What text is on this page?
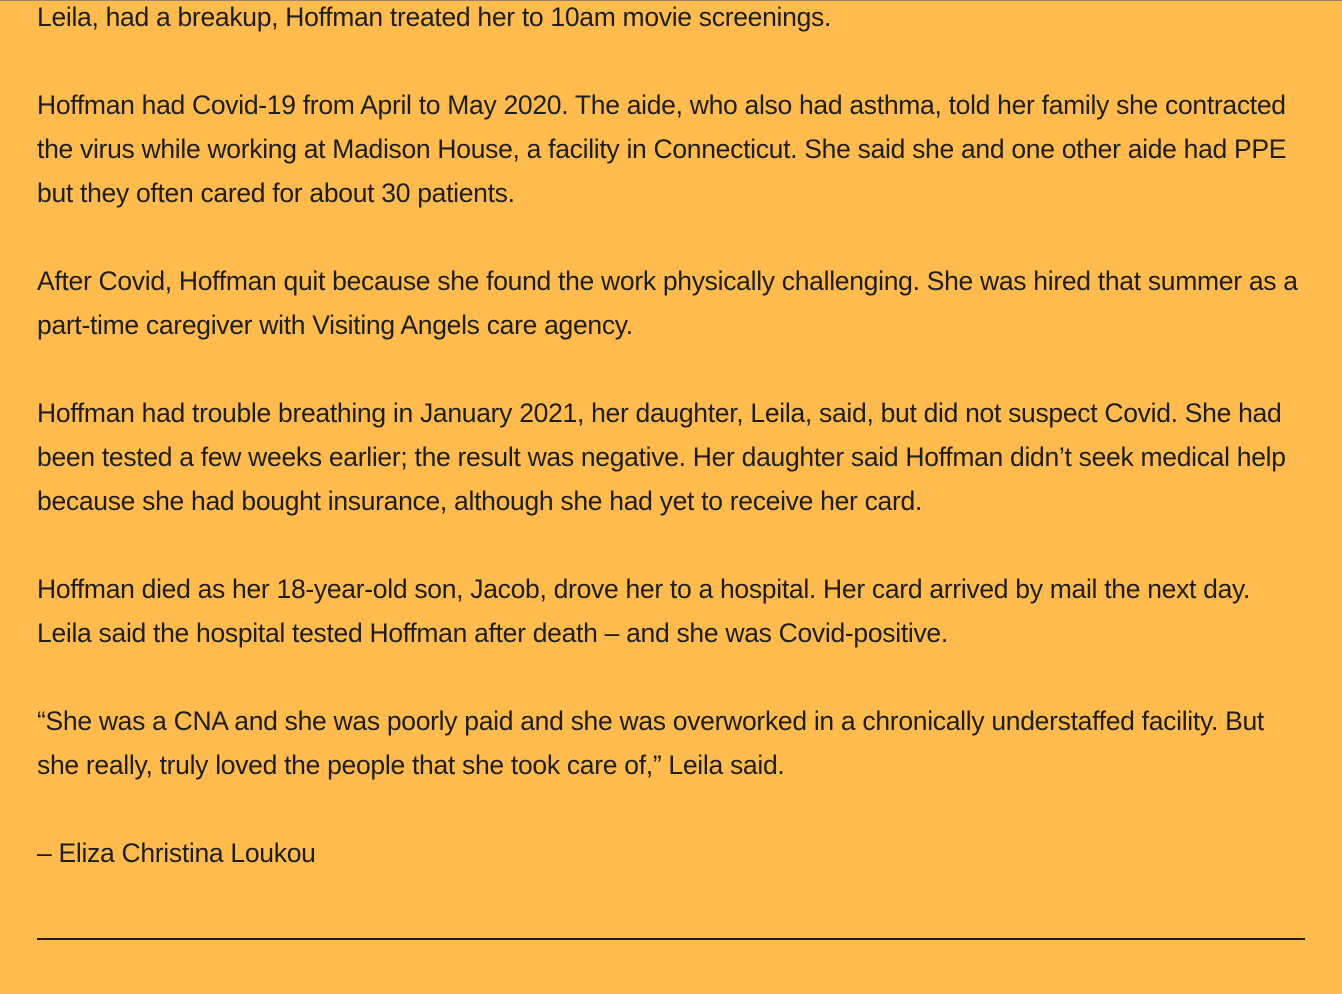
Leila, had a breakup, Hoffman treated her to 10am movie screenings.

Hoffman had Covid-19 from April to May 2020. The aide, who also had asthma, told her family she contracted the virus while working at Madison House, a facility in Connecticut. She said she and one other aide had PPE but they often cared for about 30 patients.

After Covid, Hoffman quit because she found the work physically challenging. She was hired that summer as a part-time caregiver with Visiting Angels care agency.

Hoffman had trouble breathing in January 2021, her daughter, Leila, said, but did not suspect Covid. She had been tested a few weeks earlier; the result was negative. Her daughter said Hoffman didn’t seek medical help because she had bought insurance, although she had yet to receive her card.

Hoffman died as her 18-year-old son, Jacob, drove her to a hospital. Her card arrived by mail the next day. Leila said the hospital tested Hoffman after death – and she was Covid-positive.

“She was a CNA and she was poorly paid and she was overworked in a chronically understaffed facility. But she really, truly loved the people that she took care of,” Leila said.

– Eliza Christina Loukou
